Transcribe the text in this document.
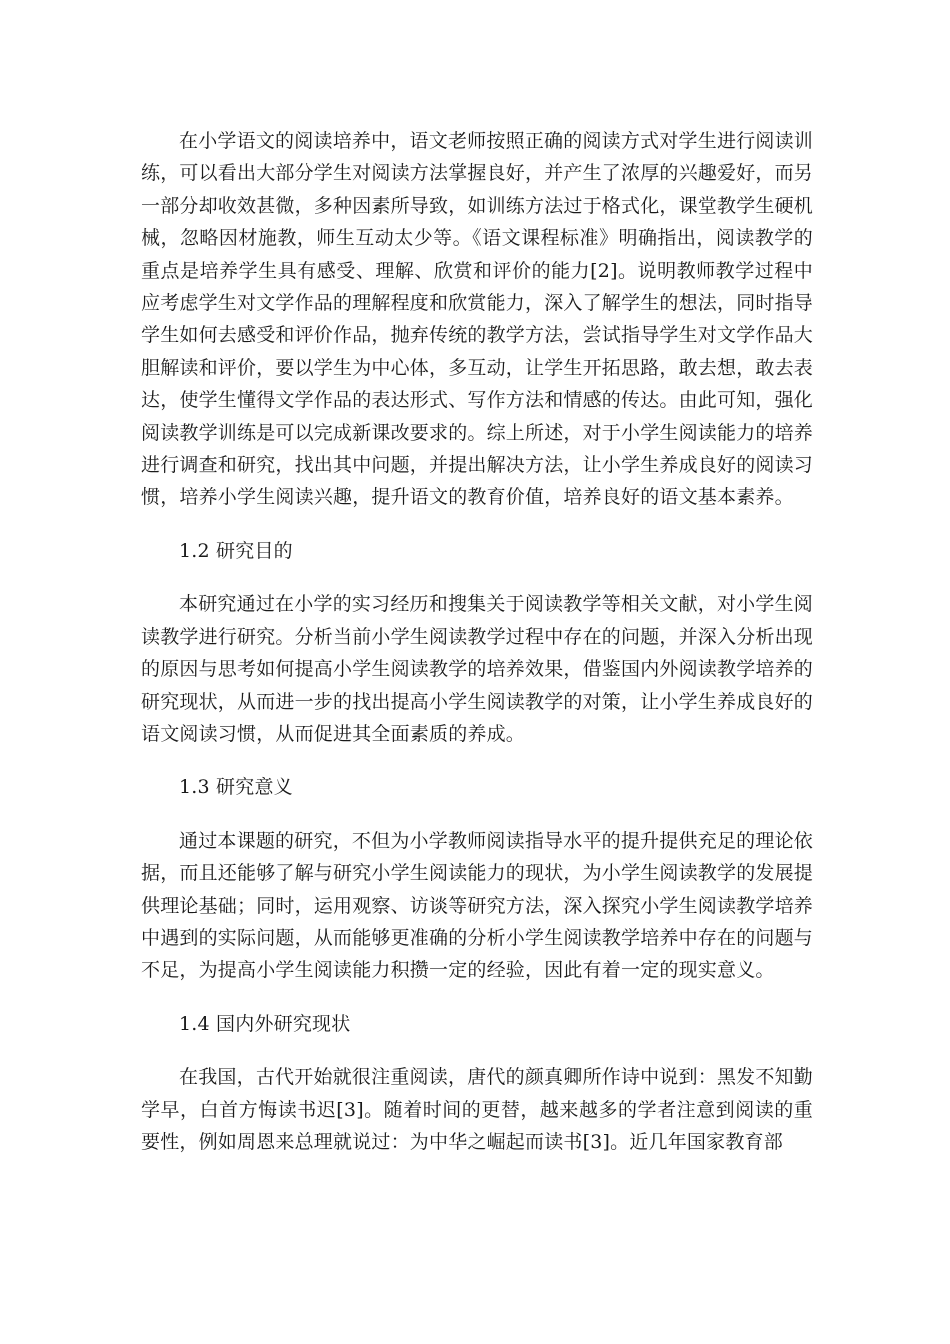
在小学语文的阅读培养中，语文老师按照正确的阅读方式对学生进行阅读训练，可以看出大部分学生对阅读方法掌握良好，并产生了浓厚的兴趣爱好，而另一部分却收效甚微，多种因素所导致，如训练方法过于格式化，课堂教学生硬机械，忽略因材施教，师生互动太少等。《语文课程标准》明确指出，阅读教学的重点是培养学生具有感受、理解、欣赏和评价的能力[2]。说明教师教学过程中应考虑学生对文学作品的理解程度和欣赏能力，深入了解学生的想法，同时指导学生如何去感受和评价作品，抛弃传统的教学方法，尝试指导学生对文学作品大胆解读和评价，要以学生为中心体，多互动，让学生开拓思路，敢去想，敢去表达，使学生懂得文学作品的表达形式、写作方法和情感的传达。由此可知，强化阅读教学训练是可以完成新课改要求的。综上所述，对于小学生阅读能力的培养进行调查和研究，找出其中问题，并提出解决方法，让小学生养成良好的阅读习惯，培养小学生阅读兴趣，提升语文的教育价值，培养良好的语文基本素养。

1.2 研究目的

本研究通过在小学的实习经历和搜集关于阅读教学等相关文献，对小学生阅读教学进行研究。分析当前小学生阅读教学过程中存在的问题，并深入分析出现的原因与思考如何提高小学生阅读教学的培养效果，借鉴国内外阅读教学培养的研究现状，从而进一步的找出提高小学生阅读教学的对策，让小学生养成良好的语文阅读习惯，从而促进其全面素质的养成。

1.3 研究意义

通过本课题的研究，不但为小学教师阅读指导水平的提升提供充足的理论依据，而且还能够了解与研究小学生阅读能力的现状，为小学生阅读教学的发展提供理论基础；同时，运用观察、访谈等研究方法，深入探究小学生阅读教学培养中遇到的实际问题，从而能够更准确的分析小学生阅读教学培养中存在的问题与不足，为提高小学生阅读能力积攒一定的经验，因此有着一定的现实意义。

1.4 国内外研究现状

在我国，古代开始就很注重阅读，唐代的颜真卿所作诗中说到：黑发不知勤学早，白首方悔读书迟[3]。随着时间的更替，越来越多的学者注意到阅读的重要性，例如周恩来总理就说过：为中华之崛起而读书[3]。近几年国家教育部
